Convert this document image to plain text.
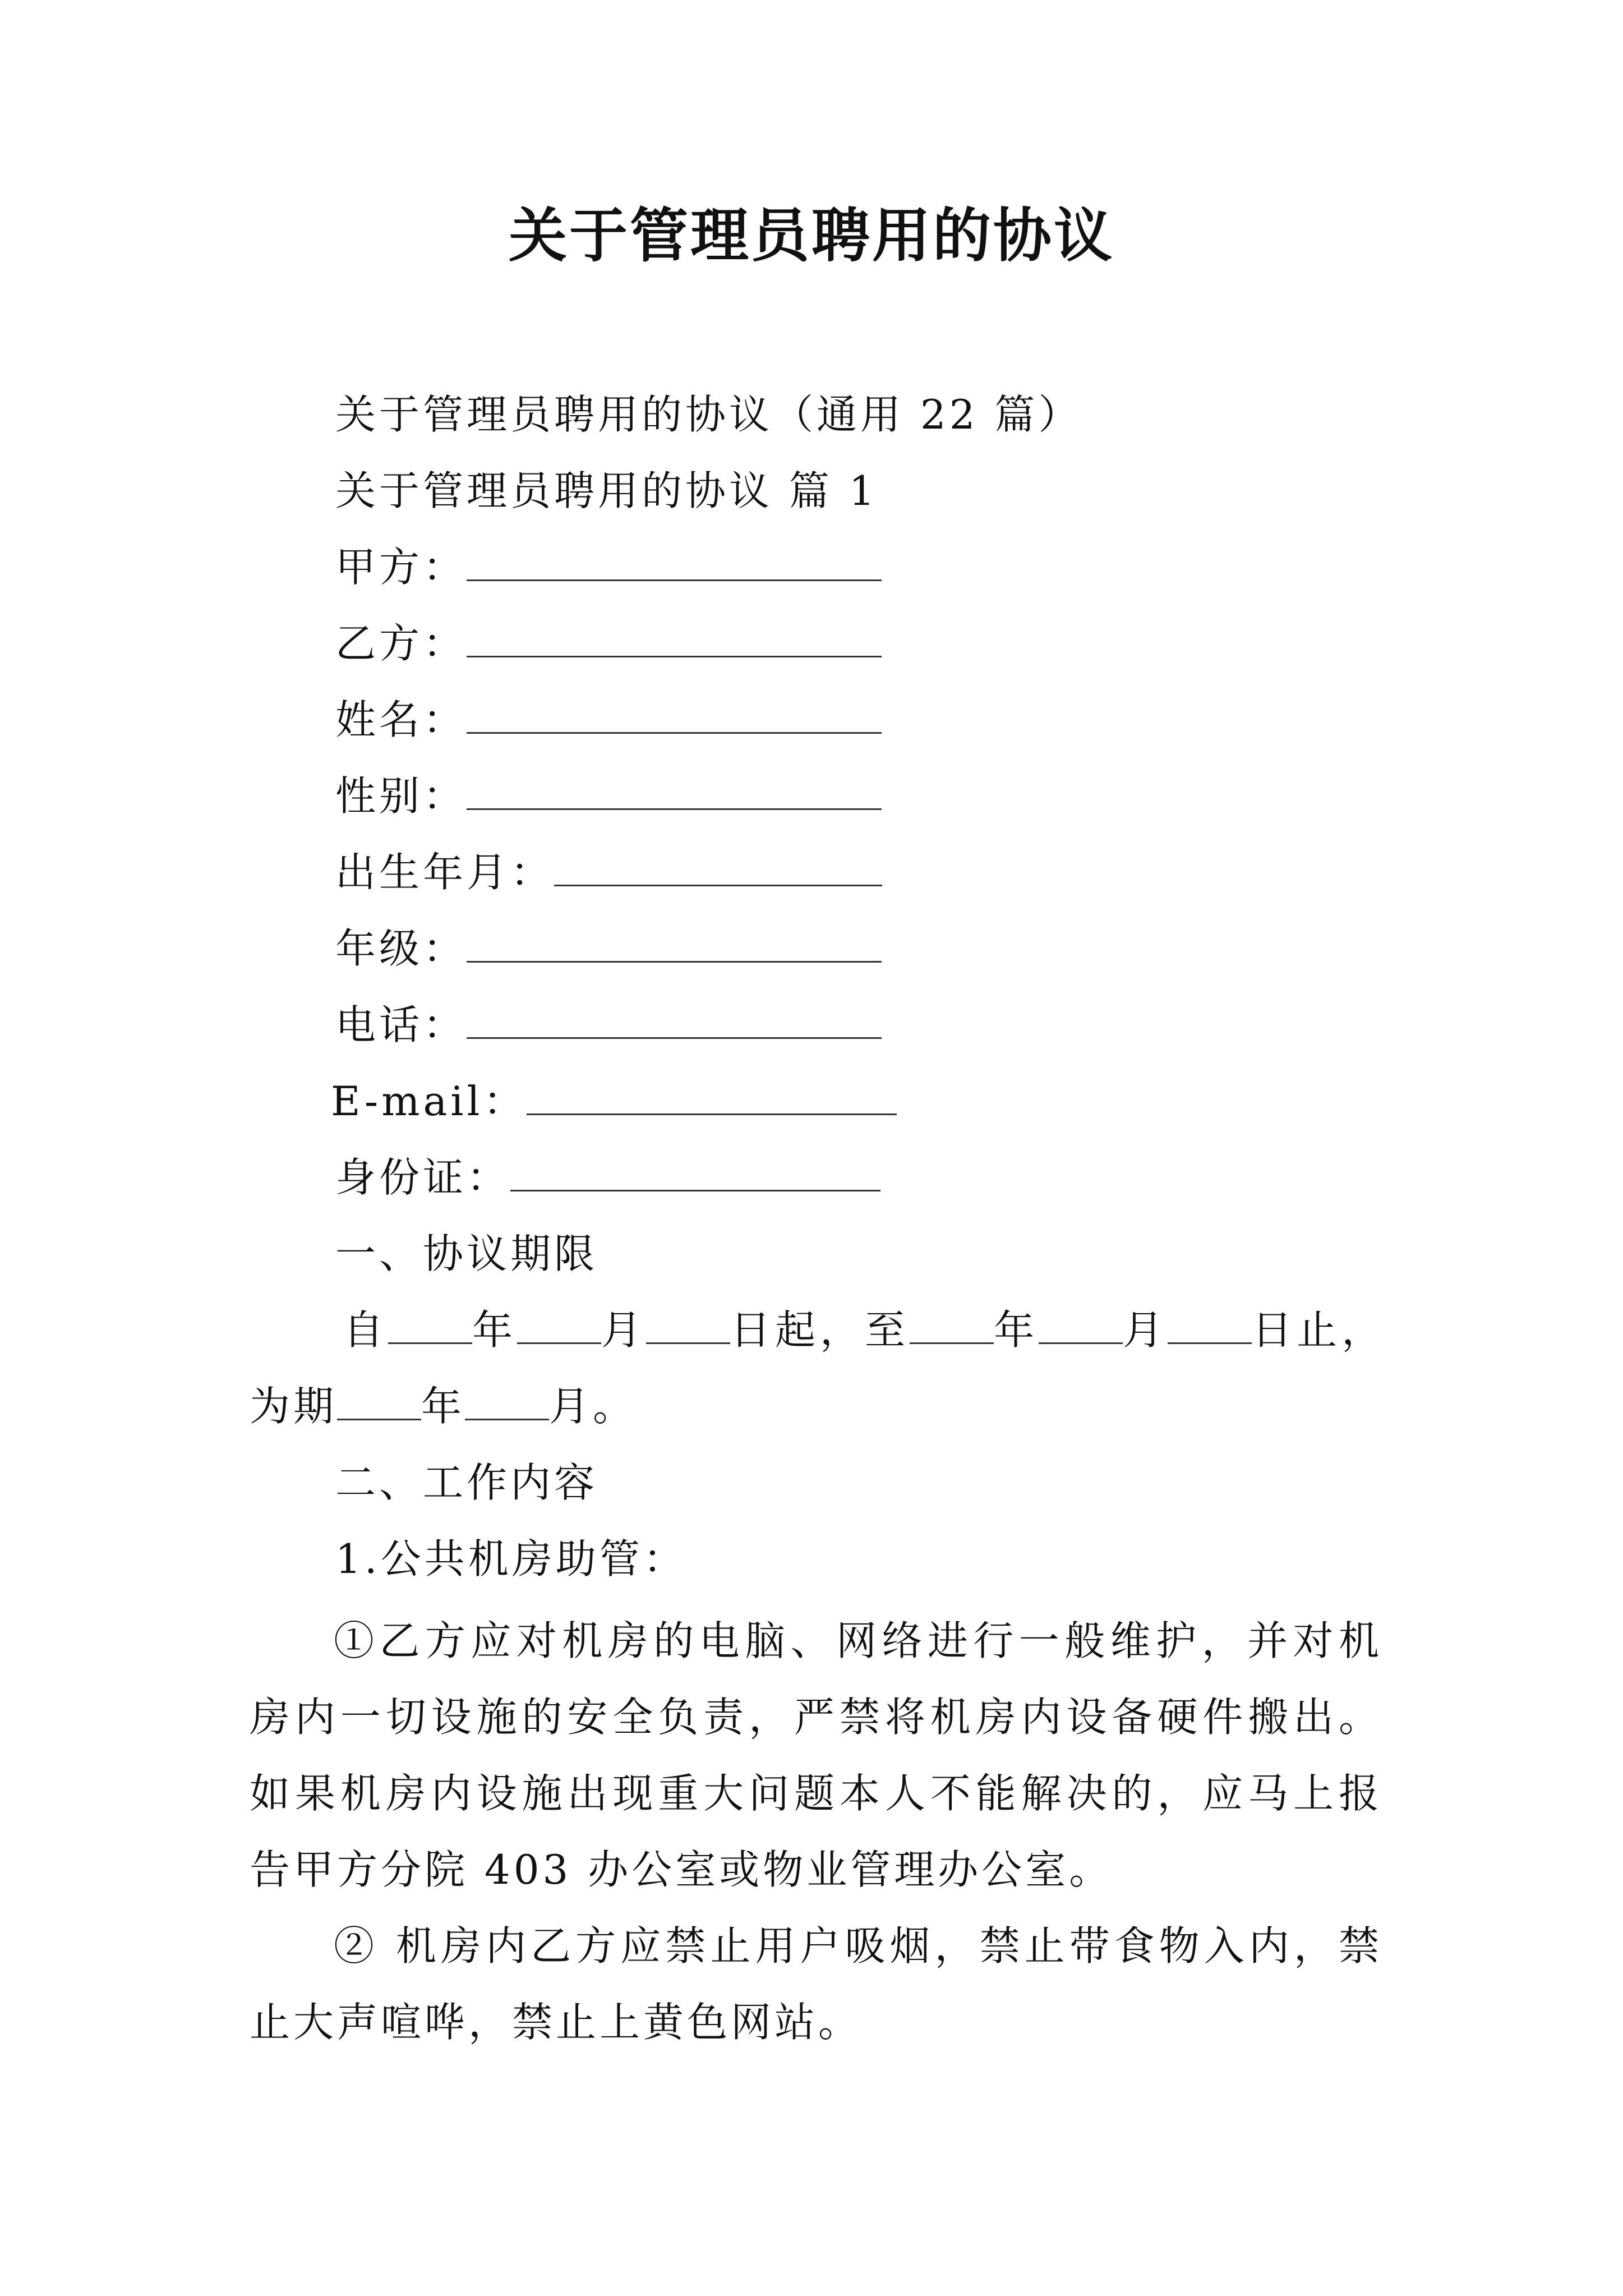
关于管理员聘用的协议
关于管理员聘用的协议（通用 22 篇）
关于管理员聘用的协议 篇 1
甲方：
乙方：
姓名：
性别：
出生年月：
年级：
电话：
E-mail：
身份证：
一、协议期限
自 年 月 日起，至 年 月 日止，
为期 年 月。
二、工作内容
1.公共机房助管：
①乙方应对机房的电脑、网络进行一般维护，并对机房内一切设施的安全负责，严禁将机房内设备硬件搬出。如果机房内设施出现重大问题本人不能解决的，应马上报告甲方分院 403 办公室或物业管理办公室。
② 机房内乙方应禁止用户吸烟，禁止带食物入内，禁止大声喧哗，禁止上黄色网站。
